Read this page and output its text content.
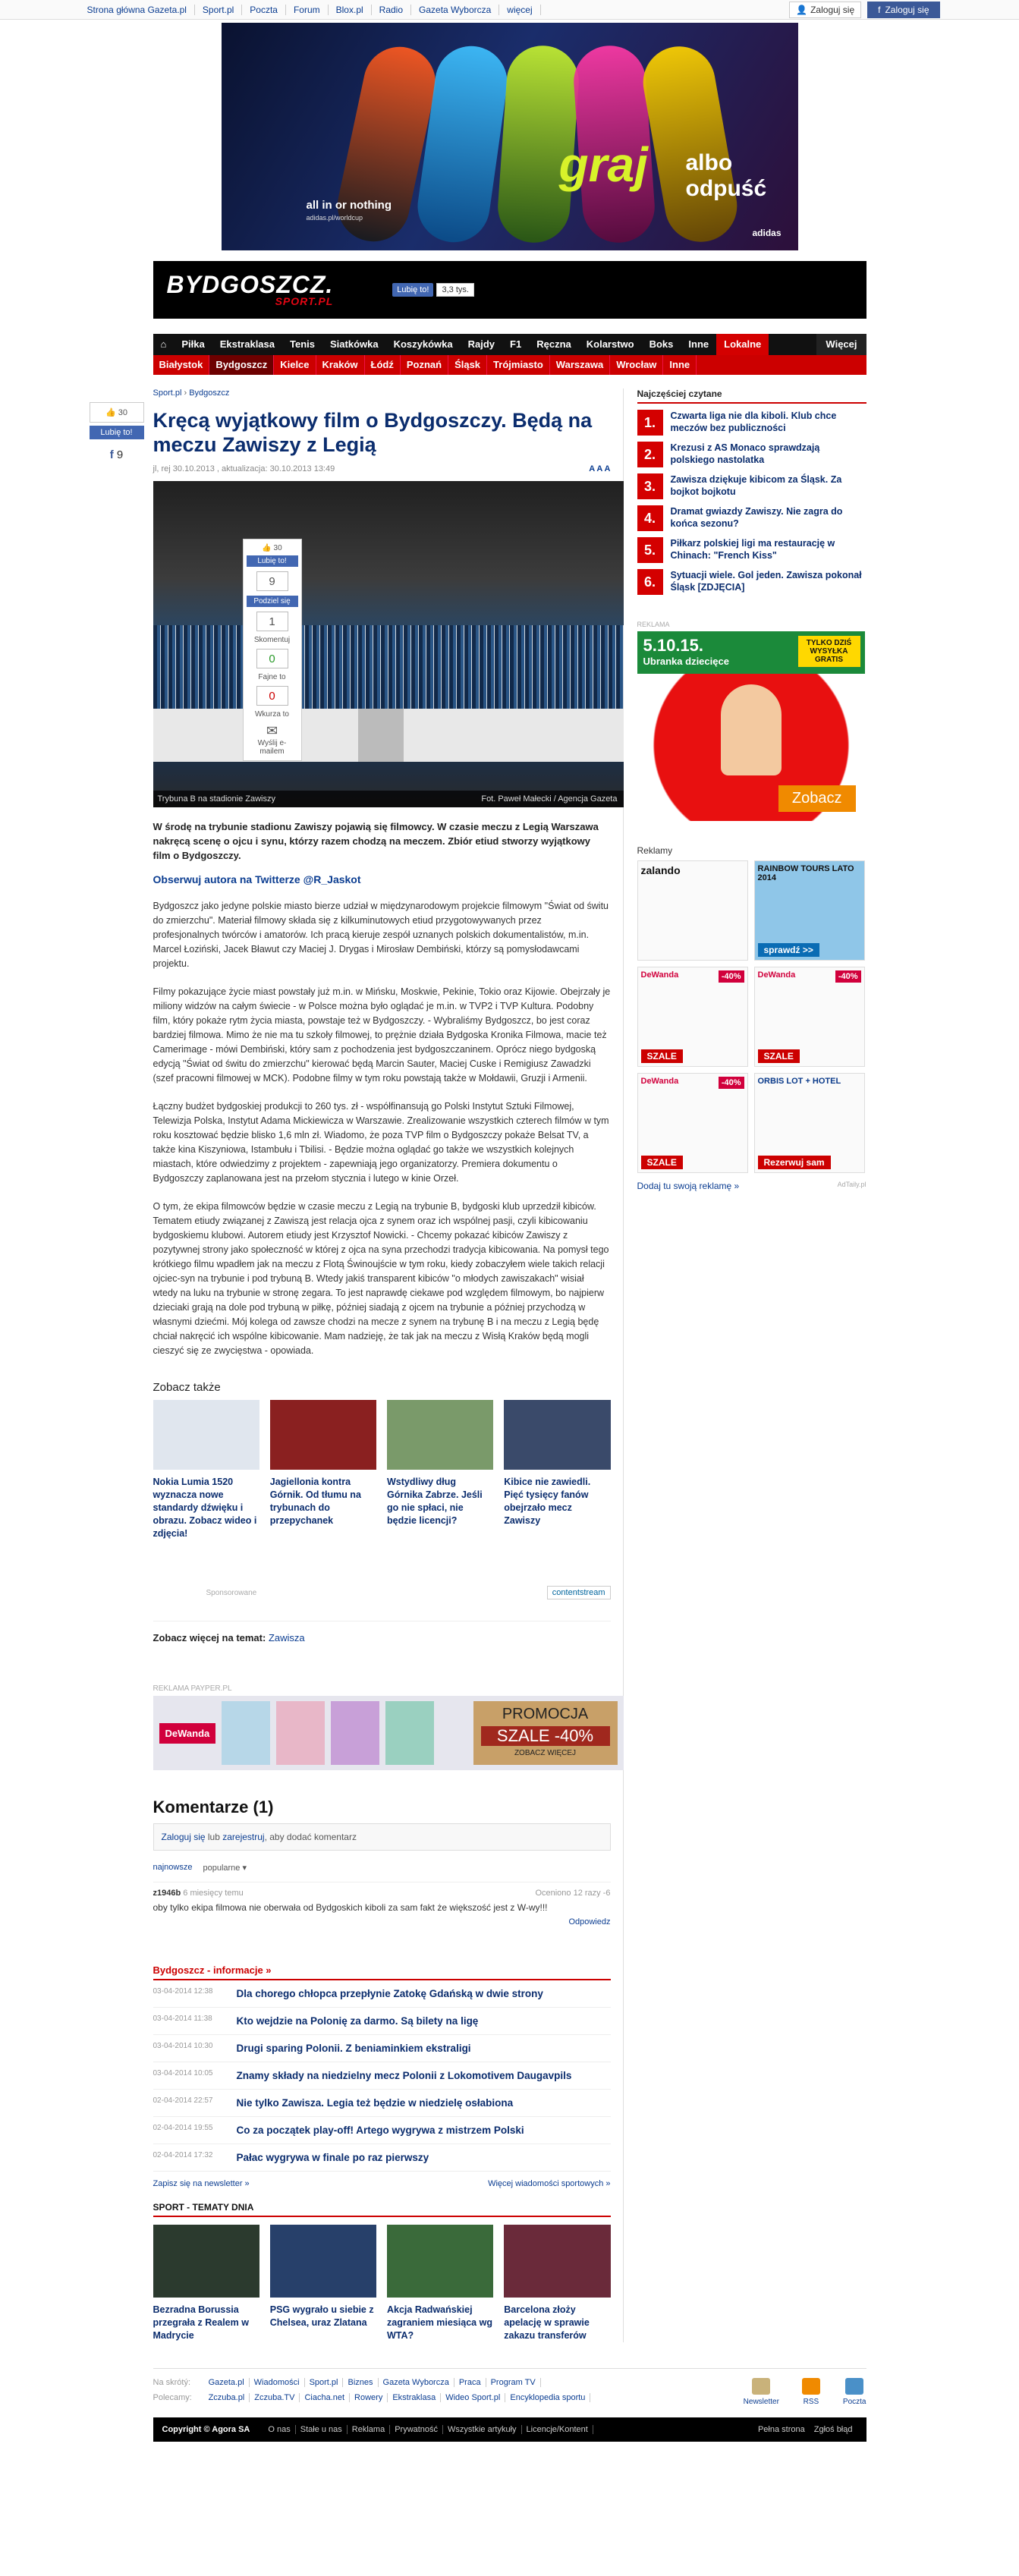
Strona główna Gazeta.pl	Sport.pl	Poczta	Forum	Blox.pl	Radio	Gazeta Wyborcza	więcej	👤 Zaloguj się	f Zaloguj się
all in or nothing
adidas.pl/worldcup
graj albo odpuść
adidas
BYDGOSZCZ.
SPORT.PL
Lubię to!	3,3 tys.
⌂	Piłka	Ekstraklasa	Tenis	Siatkówka	Koszykówka	Rajdy	F1	Ręczna	Kolarstwo	Boks	Inne	Lokalne	Więcej
Białystok	Bydgoszcz	Kielce	Kraków	Łódź	Poznań	Śląsk	Trójmiasto	Warszawa	Wrocław	Inne
👍 30
Lubię to!
f 9
Sport.pl › Bydgoszcz
Kręcą wyjątkowy film o Bydgoszczy. Będą na meczu Zawiszy z Legią
jl, rej 30.10.2013 , aktualizacja: 30.10.2013 13:49	A A A
👍 30
Lubię to!
9
Podziel się
1
Skomentuj
0
Fajne to
0
Wkurza to
✉
Wyślij e-mailem
Trybuna B na stadionie Zawiszy	Fot. Paweł Małecki / Agencja Gazeta

W środę na trybunie stadionu Zawiszy pojawią się filmowcy. W czasie meczu z Legią Warszawa nakręcą scenę o ojcu i synu, którzy razem chodzą na meczem. Zbiór etiud stworzy wyjątkowy film o Bydgoszczy.

Obserwuj autora na Twitterze @R_Jaskot

Bydgoszcz jako jedyne polskie miasto bierze udział w międzynarodowym projekcie filmowym "Świat od świtu do zmierzchu". Materiał filmowy składa się z kilkuminutowych etiud przygotowywanych przez profesjonalnych twórców i amatorów. Ich pracą kieruje zespół uznanych polskich dokumentalistów, m.in. Marcel Łoziński, Jacek Bławut czy Maciej J. Drygas i Mirosław Dembiński, którzy są pomysłodawcami projektu.

Filmy pokazujące życie miast powstały już m.in. w Mińsku, Moskwie, Pekinie, Tokio oraz Kijowie. Obejrzały je miliony widzów na całym świecie - w Polsce można było oglądać je m.in. w TVP2 i TVP Kultura. Podobny film, który pokaże rytm życia miasta, powstaje też w Bydgoszczy. - Wybraliśmy Bydgoszcz, bo jest coraz bardziej filmowa. Mimo że nie ma tu szkoły filmowej, to prężnie działa Bydgoska Kronika Filmowa, macie też Camerimage - mówi Dembiński, który sam z pochodzenia jest bydgoszczaninem. Oprócz niego bydgoską edycją "Świat od świtu do zmierzchu" kierować będą Marcin Sauter, Maciej Cuske i Remigiusz Zawadzki (szef pracowni filmowej w MCK). Podobne filmy w tym roku powstają także w Mołdawii, Gruzji i Armenii.

Łączny budżet bydgoskiej produkcji to 260 tys. zł - współfinansują go Polski Instytut Sztuki Filmowej, Telewizja Polska, Instytut Adama Mickiewicza w Warszawie. Zrealizowanie wszystkich czterech filmów w tym roku kosztować będzie blisko 1,6 mln zł. Wiadomo, że poza TVP film o Bydgoszczy pokaże Belsat TV, a także kina Kiszyniowa, Istambułu i Tbilisi. - Będzie można oglądać go także we wszystkich kolejnych miastach, które odwiedzimy z projektem - zapewniają jego organizatorzy. Premiera dokumentu o Bydgoszczy zaplanowana jest na przełom stycznia i lutego w kinie Orzeł.

O tym, że ekipa filmowców będzie w czasie meczu z Legią na trybunie B, bydgoski klub uprzedził kibiców. Tematem etiudy związanej z Zawiszą jest relacja ojca z synem oraz ich wspólnej pasji, czyli kibicowaniu bydgoskiemu klubowi. Autorem etiudy jest Krzysztof Nowicki. - Chcemy pokazać kibiców Zawiszy z pozytywnej strony jako społeczność w której z ojca na syna przechodzi tradycja kibicowania. Na pomysł tego krótkiego filmu wpadłem jak na meczu z Flotą Świnoujście w tym roku, kiedy zobaczyłem wiele takich relacji ojciec-syn na trybunie i pod trybuną B. Wtedy jakiś transparent kibiców "o młodych zawiszakach" wisiał wtedy na luku na trybunie w stronę zegara. To jest naprawdę ciekawe pod względem filmowym, bo najpierw dzieciaki grają na dole pod trybuną w piłkę, później siadają z ojcem na trybunie a później przychodzą w własnymi dziećmi. Mój kolega od zawsze chodzi na mecze z synem na trybunę B i na meczu z Legią będę chciał nakręcić ich wspólne kibicowanie. Mam nadzieję, że tak jak na meczu z Wisłą Kraków będą mogli cieszyć się ze zwycięstwa - opowiada.

Zobacz także
Nokia Lumia 1520 wyznacza nowe standardy dźwięku i obrazu. Zobacz wideo i zdjęcia!
Jagiellonia kontra Górnik. Od tłumu na trybunach do przepychanek
Wstydliwy dług Górnika Zabrze. Jeśli go nie spłaci, nie będzie licencji?
Kibice nie zawiedli. Pięć tysięcy fanów obejrzało mecz Zawiszy
Sponsorowane	contentstream
Zobacz więcej na temat: Zawisza
REKLAMA PAYPER.PL
DeWanda
PROMOCJA
SZALE -40%
ZOBACZ WIĘCEJ
Komentarze (1)
Zaloguj się lub zarejestruj, aby dodać komentarz
najnowsze popularne ▾
z1946b 6 miesięcy temu	Oceniono 12 razy -6
oby tylko ekipa filmowa nie oberwała od Bydgoskich kiboli za sam fakt że większość jest z W-wy!!!
Odpowiedz
Bydgoszcz - informacje »
03-04-2014 12:38	Dla chorego chłopca przepłynie Zatokę Gdańską w dwie strony
03-04-2014 11:38	Kto wejdzie na Polonię za darmo. Są bilety na ligę
03-04-2014 10:30	Drugi sparing Polonii. Z beniaminkiem ekstraligi
03-04-2014 10:05	Znamy składy na niedzielny mecz Polonii z Lokomotivem Daugavpils
02-04-2014 22:57	Nie tylko Zawisza. Legia też będzie w niedzielę osłabiona
02-04-2014 19:55	Co za początek play-off! Artego wygrywa z mistrzem Polski
02-04-2014 17:32	Pałac wygrywa w finale po raz pierwszy
Zapisz się na newsletter »	Więcej wiadomości sportowych »
SPORT - TEMATY DNIA
Bezradna Borussia przegrała z Realem w Madrycie
PSG wygrało u siebie z Chelsea, uraz Zlatana
Akcja Radwańskiej zagraniem miesiąca wg WTA?
Barcelona złoży apelację w sprawie zakazu transferów
Najczęściej czytane
1.	Czwarta liga nie dla kiboli. Klub chce meczów bez publiczności
2.	Krezusi z AS Monaco sprawdzają polskiego nastolatka
3.	Zawisza dziękuje kibicom za Śląsk. Za bojkot bojkotu
4.	Dramat gwiazdy Zawiszy. Nie zagra do końca sezonu?
5.	Piłkarz polskiej ligi ma restaurację w Chinach: "French Kiss"
6.	Sytuacji wiele. Gol jeden. Zawisza pokonał Śląsk [ZDJĘCIA]
REKLAMA
5.10.15.
Ubranka dziecięce
TYLKO DZIŚ WYSYŁKA GRATIS
Zobacz
Reklamy
zalando	RAINBOW TOURS LATO 2014
sprawdź >>
DeWanda	-40%
SZALE
DeWanda	-40%
SZALE
DeWanda	-40%
SZALE
ORBIS LOT + HOTEL
Rezerwuj sam
Dodaj tu swoją reklamę »	AdTaily.pl
Na skrótý: Gazeta.pl Wiadomości Sport.pl Biznes Gazeta Wyborcza Praca Program TV
Polecamy: Zczuba.pl Zczuba.TV Ciacha.net Rowery Ekstraklasa Wideo Sport.pl Encyklopedia sportu	Newsletter	RSS	Poczta
Copyright © Agora SA	O nas Stałe u nas Reklama Prywatność Wszystkie artykuły Licencje/Kontent	Pełna strona Zgłoś błąd
